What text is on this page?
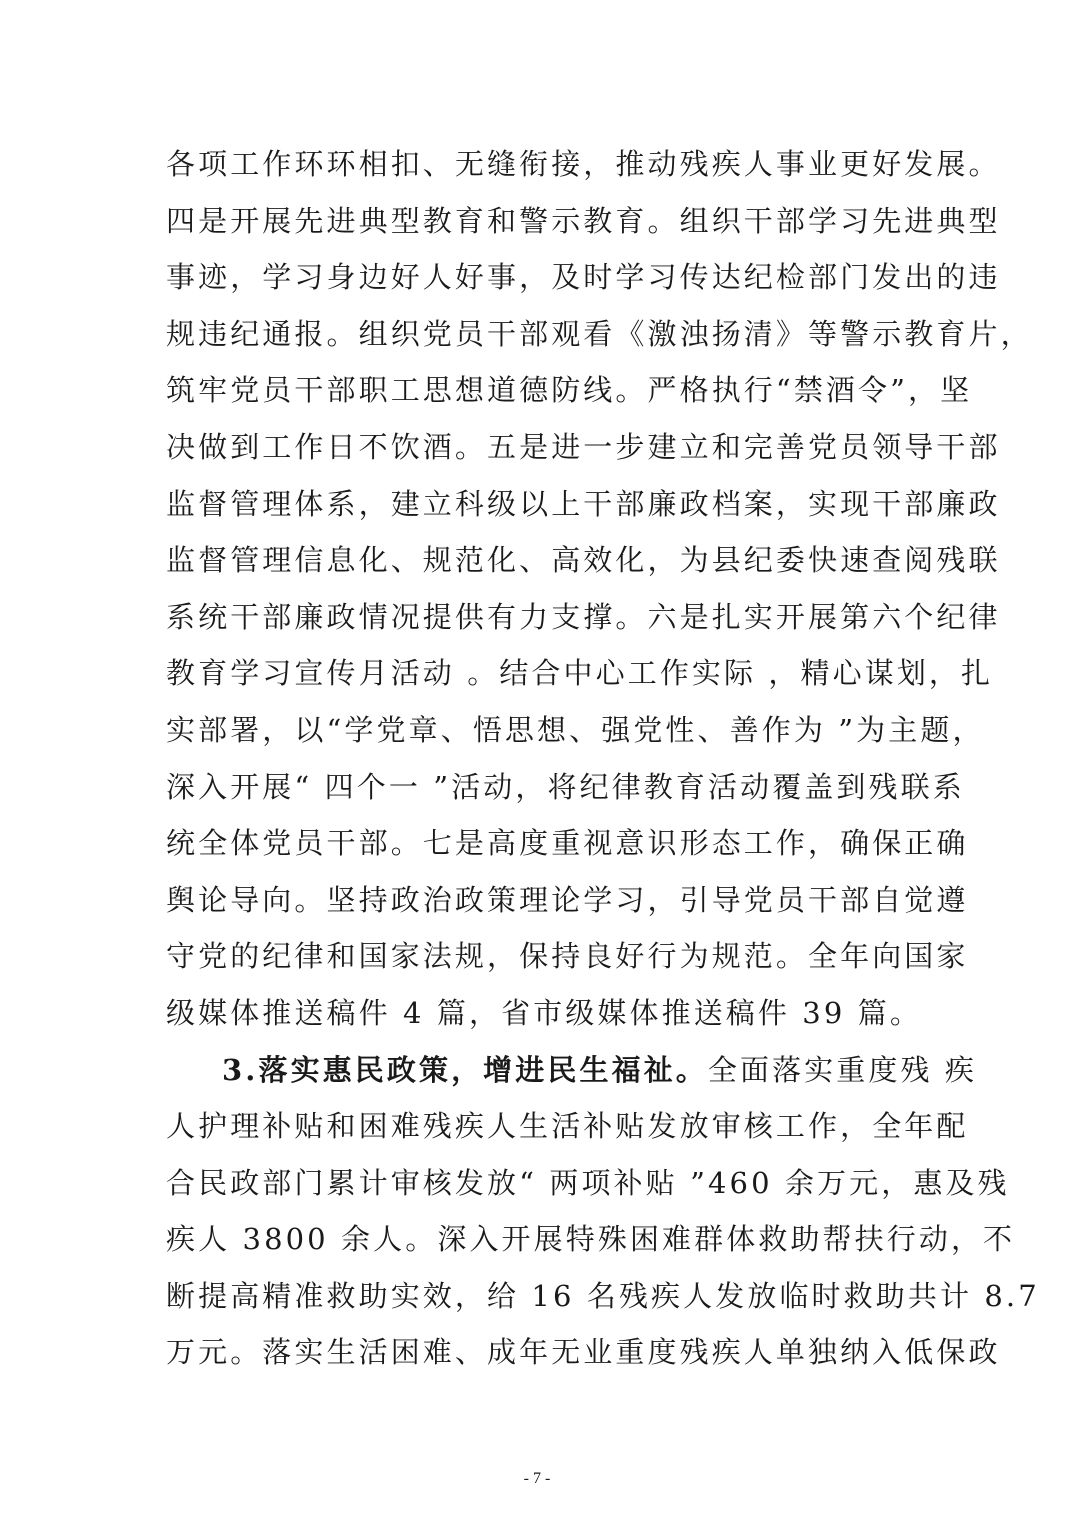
各项工作环环相扣、无缝衔接，推动残疾人事业更好发展。
四是开展先进典型教育和警示教育。组织干部学习先进典型
事迹，学习身边好人好事，及时学习传达纪检部门发出的违
规违纪通报。组织党员干部观看《激浊扬清》等警示教育片，
筑牢党员干部职工思想道德防线。严格执行“禁酒令”，坚
决做到工作日不饮酒。五是进一步建立和完善党员领导干部
监督管理体系，建立科级以上干部廉政档案，实现干部廉政
监督管理信息化、规范化、高效化，为县纪委快速查阅残联
系统干部廉政情况提供有力支撑。六是扎实开展第六个纪律
教育学习宣传月活动 。结合中心工作实际 ，精心谋划，扎
实部署，以“学党章、悟思想、强党性、善作为 ”为主题，
深入开展“ 四个一 ”活动，将纪律教育活动覆盖到残联系
统全体党员干部。七是高度重视意识形态工作，确保正确
舆论导向。坚持政治政策理论学习，引导党员干部自觉遵
守党的纪律和国家法规，保持良好行为规范。全年向国家
级媒体推送稿件 4 篇，省市级媒体推送稿件 39 篇。
3.落实惠民政策，增进民生福祉。全面落实重度残 疾
人护理补贴和困难残疾人生活补贴发放审核工作，全年配
合民政部门累计审核发放“ 两项补贴 ”460 余万元，惠及残
疾人 3800 余人。深入开展特殊困难群体救助帮扶行动，不
断提高精准救助实效，给 16 名残疾人发放临时救助共计 8.7
万元。落实生活困难、成年无业重度残疾人单独纳入低保政
- 7 -
